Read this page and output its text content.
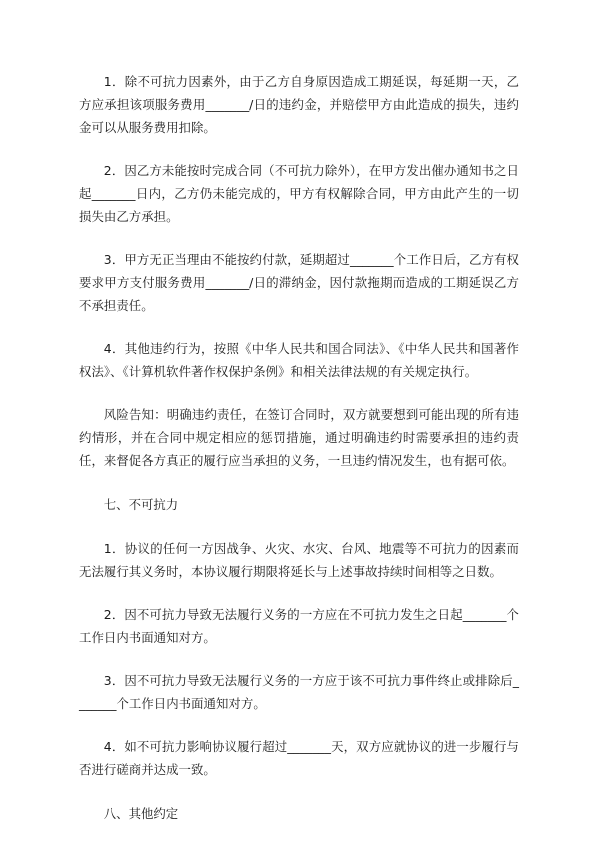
1．除不可抗力因素外，由于乙方自身原因造成工期延误，每延期一天，乙方应承担该项服务费用_______/日的违约金，并赔偿甲方由此造成的损失，违约金可以从服务费用扣除。

2．因乙方未能按时完成合同（不可抗力除外），在甲方发出催办通知书之日起_______日内，乙方仍未能完成的，甲方有权解除合同，甲方由此产生的一切损失由乙方承担。

3．甲方无正当理由不能按约付款，延期超过_______个工作日后，乙方有权要求甲方支付服务费用_______/日的滞纳金，因付款拖期而造成的工期延误乙方不承担责任。

4．其他违约行为，按照《中华人民共和国合同法》、《中华人民共和国著作权法》、《计算机软件著作权保护条例》和相关法律法规的有关规定执行。

风险告知：明确违约责任，在签订合同时，双方就要想到可能出现的所有违约情形，并在合同中规定相应的惩罚措施，通过明确违约时需要承担的违约责任，来督促各方真正的履行应当承担的义务，一旦违约情况发生，也有据可依。

七、不可抗力

1．协议的任何一方因战争、火灾、水灾、台风、地震等不可抗力的因素而无法履行其义务时，本协议履行期限将延长与上述事故持续时间相等之日数。

2．因不可抗力导致无法履行义务的一方应在不可抗力发生之日起_______个工作日内书面通知对方。

3．因不可抗力导致无法履行义务的一方应于该不可抗力事件终止或排除后_______个工作日内书面通知对方。

4．如不可抗力影响协议履行超过_______天，双方应就协议的进一步履行与否进行磋商并达成一致。

八、其他约定
